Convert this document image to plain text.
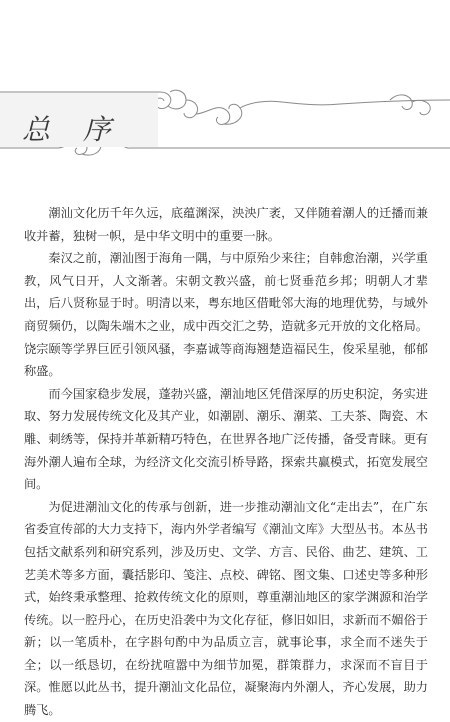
总 序

潮汕文化历千年久远，底蕴渊深，泱泱广袤，又伴随着潮人的迁播而兼收并蓄，独树一帜，是中华文明中的重要一脉。

秦汉之前，潮汕图于海角一隅，与中原殆少来往；自韩愈治潮，兴学重教，风气日开，人文渐著。宋朝文教兴盛，前七贤垂范乡邦；明朝人才辈出，后八贤称显于时。明清以来，粤东地区借毗邻大海的地理优势，与域外商贸频仍，以陶朱端木之业，成中西交汇之势，造就多元开放的文化格局。饶宗颐等学界巨匠引领风骚，李嘉诚等商海翘楚造福民生，俊采星驰，郁郁称盛。

而今国家稳步发展，蓬勃兴盛，潮汕地区凭借深厚的历史积淀，务实进取、努力发展传统文化及其产业，如潮剧、潮乐、潮菜、工夫茶、陶瓷、木雕、刺绣等，保持并革新精巧特色，在世界各地广泛传播，备受青睐。更有海外潮人遍布全球，为经济文化交流引桥导路，探索共赢模式，拓宽发展空间。

为促进潮汕文化的传承与创新，进一步推动潮汕文化“走出去”，在广东省委宣传部的大力支持下，海内外学者编写《潮汕文库》大型丛书。本丛书包括文献系列和研究系列，涉及历史、文学、方言、民俗、曲艺、建筑、工艺美术等多方面，囊括影印、笺注、点校、碑铭、图文集、口述史等多种形式，始终秉承整理、抢救传统文化的原则，尊重潮汕地区的家学渊源和治学传统。以一腔丹心，在历史沿袭中为文化存征，修旧如旧，求新而不媚俗于新；以一笔质朴，在字斟句酌中为品质立言，就事论事，求全而不迷失于全；以一纸恳切，在纷扰喧嚣中为细节加冕，群策群力，求深而不盲目于深。惟愿以此丛书，提升潮汕文化品位，凝聚海内外潮人，齐心发展，助力腾飞。
